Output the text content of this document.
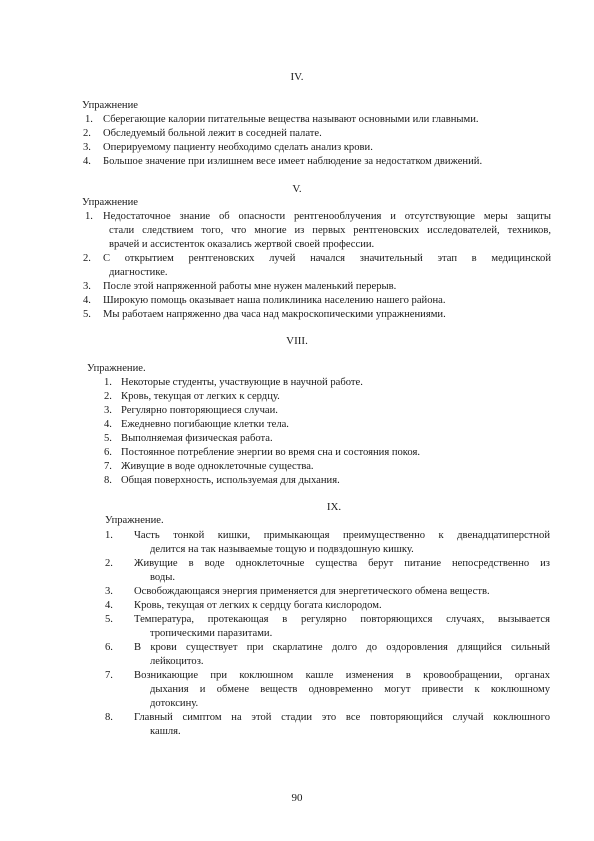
IV.
Упражнение
1. Сберегающие калории питательные вещества называют основными или главными.
2. Обследуемый больной лежит в соседней палате.
3. Оперируемому пациенту необходимо сделать анализ крови.
4. Большое значение при излишнем весе имеет наблюдение за недостатком движений.
V.
Упражнение
1. Недостаточное знание об опасности рентгенооблучения и отсутствующие меры защиты
стали следствием того, что многие из первых рентгеновских исследователей, техников,
врачей и ассистенток оказались жертвой своей профессии.
2. С открытием рентгеновских лучей начался значительный этап в медицинской
диагностике.
3. После этой напряженной работы мне нужен маленький перерыв.
4. Широкую помощь оказывает наша поликлиника населению нашего района.
5. Мы работаем напряженно два часа над макроскопическими упражнениями.
VIII.
Упражнение.
1. Некоторые студенты, участвующие в научной работе.
2. Кровь, текущая от легких к сердцу.
3. Регулярно повторяющиеся случаи.
4. Ежедневно погибающие клетки тела.
5. Выполняемая физическая работа.
6. Постоянное потребление энергии во время сна и состояния покоя.
7. Живущие в воде одноклеточные существа.
8. Общая поверхность, используемая для дыхания.
IX.
Упражнение.
1. Часть тонкой кишки, примыкающая преимущественно к двенадцатиперстной
делится на так называемые тощую и подвздошную кишку.
2. Живущие в воде одноклеточные существа берут питание непосредственно из
воды.
3. Освобождающаяся энергия применяется для энергетического обмена веществ.
4. Кровь, текущая от легких к сердцу богата кислородом.
5. Температура, протекающая в регулярно повторяющихся случаях, вызывается
тропическими паразитами.
6. В крови существует при скарлатине долго до оздоровления длящийся сильный
лейкоцитоз.
7. Возникающие при коклюшном кашле изменения в кровообращении, органах
дыхания и обмене веществ одновременно могут привести к коклюшному
дотоксину.
8. Главный симптом на этой стадии это все повторяющийся случай коклюшного
кашля.
90
